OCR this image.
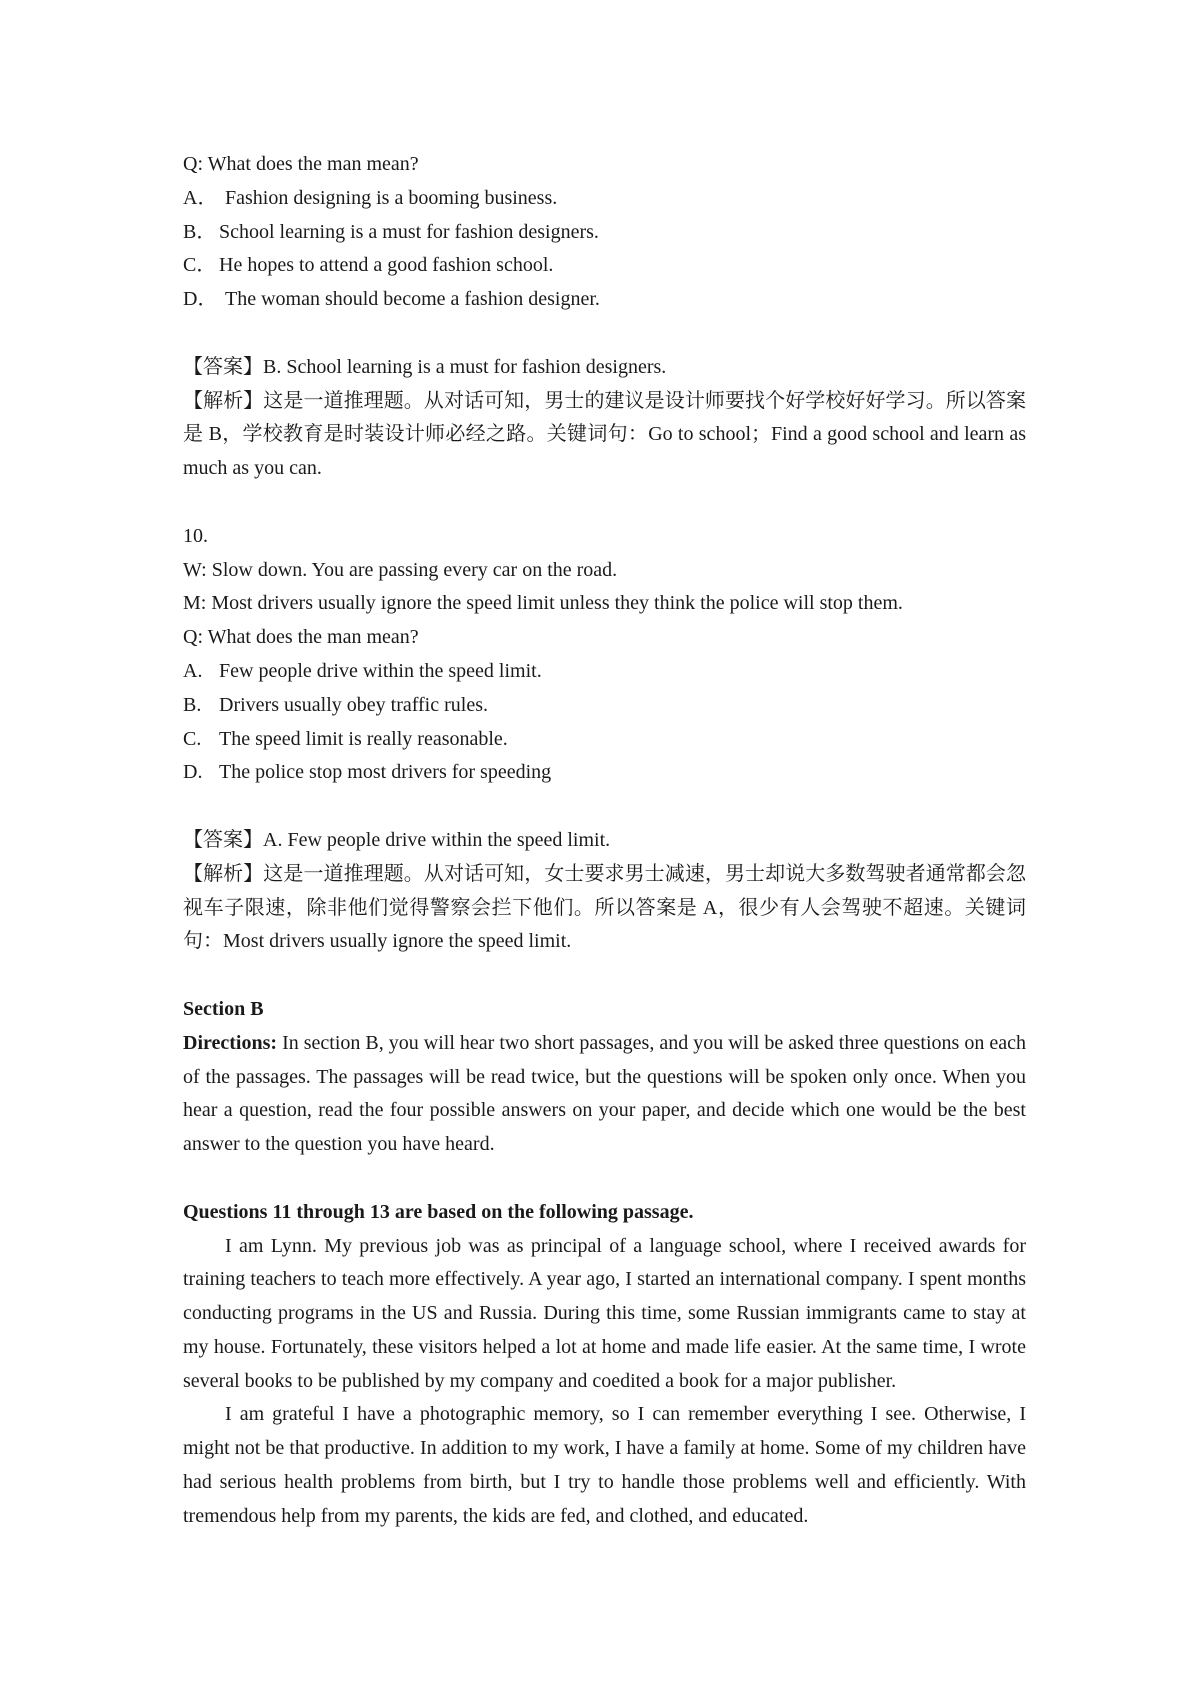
Q: What does the man mean?
A． Fashion designing is a booming business.
B． School learning is a must for fashion designers.
C． He hopes to attend a good fashion school.
D． The woman should become a fashion designer.
【答案】B. School learning is a must for fashion designers.
【解析】这是一道推理题。从对话可知，男士的建议是设计师要找个好学校好好学习。所以答案是 B，学校教育是时装设计师必经之路。关键词句：Go to school；Find a good school and learn as much as you can.
10.
W: Slow down. You are passing every car on the road.
M: Most drivers usually ignore the speed limit unless they think the police will stop them.
Q: What does the man mean?
A. Few people drive within the speed limit.
B. Drivers usually obey traffic rules.
C. The speed limit is really reasonable.
D. The police stop most drivers for speeding
【答案】A. Few people drive within the speed limit.
【解析】这是一道推理题。从对话可知，女士要求男士减速，男士却说大多数驾驶者通常都会忽视车子限速，除非他们觉得警察会拦下他们。所以答案是 A，很少有人会驾驶不超速。关键词句：Most drivers usually ignore the speed limit.
Section B
Directions: In section B, you will hear two short passages, and you will be asked three questions on each of the passages. The passages will be read twice, but the questions will be spoken only once. When you hear a question, read the four possible answers on your paper, and decide which one would be the best answer to the question you have heard.
Questions 11 through 13 are based on the following passage.
I am Lynn. My previous job was as principal of a language school, where I received awards for training teachers to teach more effectively. A year ago, I started an international company. I spent months conducting programs in the US and Russia. During this time, some Russian immigrants came to stay at my house. Fortunately, these visitors helped a lot at home and made life easier. At the same time, I wrote several books to be published by my company and coedited a book for a major publisher.
I am grateful I have a photographic memory, so I can remember everything I see. Otherwise, I might not be that productive. In addition to my work, I have a family at home. Some of my children have had serious health problems from birth, but I try to handle those problems well and efficiently. With tremendous help from my parents, the kids are fed, and clothed, and educated.
